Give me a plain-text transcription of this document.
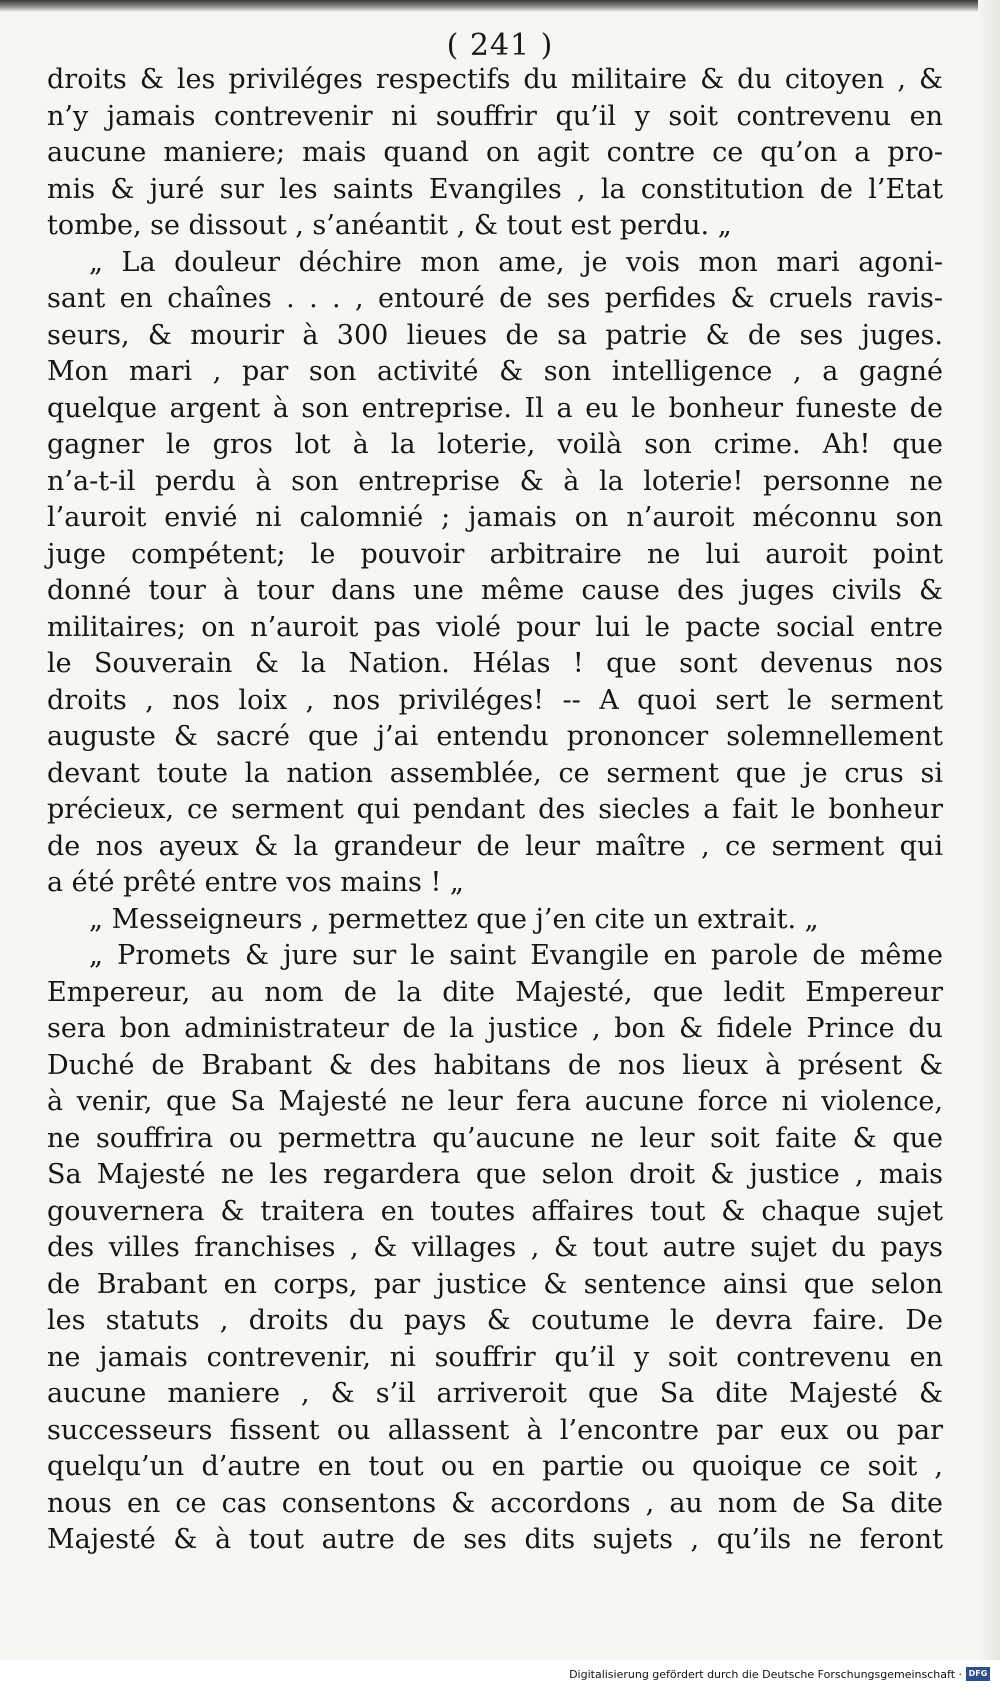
( 241 )
droits & les priviléges respectifs du militaire & du citoyen , &
n’y jamais contrevenir ni souffrir qu’il y soit contrevenu en
aucune maniere; mais quand on agit contre ce qu’on a pro-
mis & juré sur les saints Evangiles , la constitution de l’Etat
tombe, se dissout , s’anéantit , & tout est perdu. „
„ La douleur déchire mon ame, je vois mon mari agoni-
sant en chaînes . . . , entouré de ses perfides & cruels ravis-
seurs, & mourir à 300 lieues de sa patrie & de ses juges.
Mon mari , par son activité & son intelligence , a gagné
quelque argent à son entreprise. Il a eu le bonheur funeste de
gagner le gros lot à la loterie, voilà son crime. Ah! que
n’a-t-il perdu à son entreprise & à la loterie! personne ne
l’auroit envié ni calomnié ; jamais on n’auroit méconnu son
juge compétent; le pouvoir arbitraire ne lui auroit point
donné tour à tour dans une même cause des juges civils &
militaires; on n’auroit pas violé pour lui le pacte social entre
le Souverain & la Nation. Hélas ! que sont devenus nos
droits , nos loix , nos priviléges! -- A quoi sert le serment
auguste & sacré que j’ai entendu prononcer solemnellement
devant toute la nation assemblée, ce serment que je crus si
précieux, ce serment qui pendant des siecles a fait le bonheur
de nos ayeux & la grandeur de leur maître , ce serment qui
a été prêté entre vos mains ! „
„ Messeigneurs , permettez que j’en cite un extrait. „
„ Promets & jure sur le saint Evangile en parole de même
Empereur, au nom de la dite Majesté, que ledit Empereur
sera bon administrateur de la justice , bon & fidele Prince du
Duché de Brabant & des habitans de nos lieux à présent &
à venir, que Sa Majesté ne leur fera aucune force ni violence,
ne souffrira ou permettra qu’aucune ne leur soit faite & que
Sa Majesté ne les regardera que selon droit & justice , mais
gouvernera & traitera en toutes affaires tout & chaque sujet
des villes franchises , & villages , & tout autre sujet du pays
de Brabant en corps, par justice & sentence ainsi que selon
les statuts , droits du pays & coutume le devra faire. De
ne jamais contrevenir, ni souffrir qu’il y soit contrevenu en
aucune maniere , & s’il arriveroit que Sa dite Majesté &
successeurs fissent ou allassent à l’encontre par eux ou par
quelqu’un d’autre en tout ou en partie ou quoique ce soit ,
nous en ce cas consentons & accordons , au nom de Sa dite
Majesté & à tout autre de ses dits sujets , qu’ils ne feront
Digitalisierung gefördert durch die Deutsche Forschungsgemeinschaft · DFG
